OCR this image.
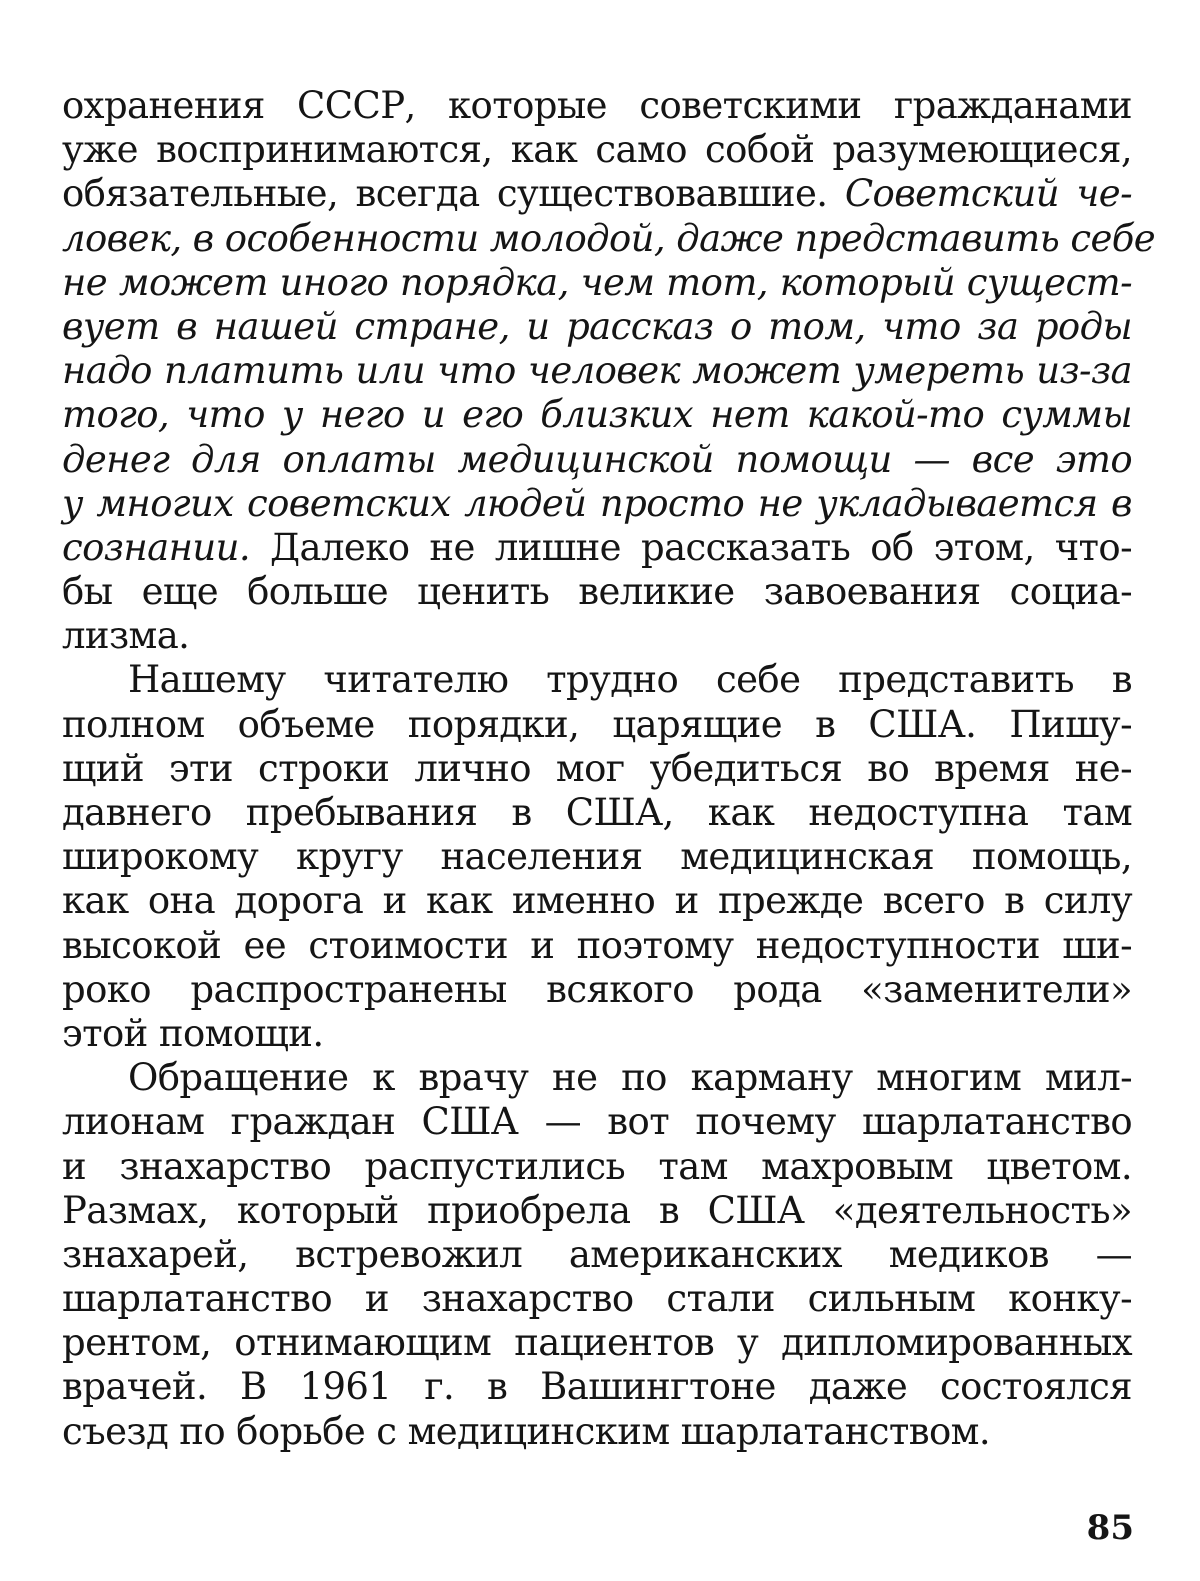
охранения СССР, которые советскими гражданами
уже воспринимаются, как само собой разумеющиеся,
обязательные, всегда существовавшие. Советский че-
ловек, в особенности молодой, даже представить себе
не может иного порядка, чем тот, который сущест-
вует в нашей стране, и рассказ о том, что за роды
надо платить или что человек может умереть из-за
того, что у него и его близких нет какой-то суммы
денег для оплаты медицинской помощи — все это
у многих советских людей просто не укладывается в
сознании. Далеко не лишне рассказать об этом, что-
бы еще больше ценить великие завоевания социа-
лизма.
Нашему читателю трудно себе представить в
полном объеме порядки, царящие в США. Пишу-
щий эти строки лично мог убедиться во время не-
давнего пребывания в США, как недоступна там
широкому кругу населения медицинская помощь,
как она дорога и как именно и прежде всего в силу
высокой ее стоимости и поэтому недоступности ши-
роко распространены всякого рода «заменители»
этой помощи.
Обращение к врачу не по карману многим мил-
лионам граждан США — вот почему шарлатанство
и знахарство распустились там махровым цветом.
Размах, который приобрела в США «деятельность»
знахарей, встревожил американских медиков —
шарлатанство и знахарство стали сильным конку-
рентом, отнимающим пациентов у дипломированных
врачей. В 1961 г. в Вашингтоне даже состоялся
съезд по борьбе с медицинским шарлатанством.
85
